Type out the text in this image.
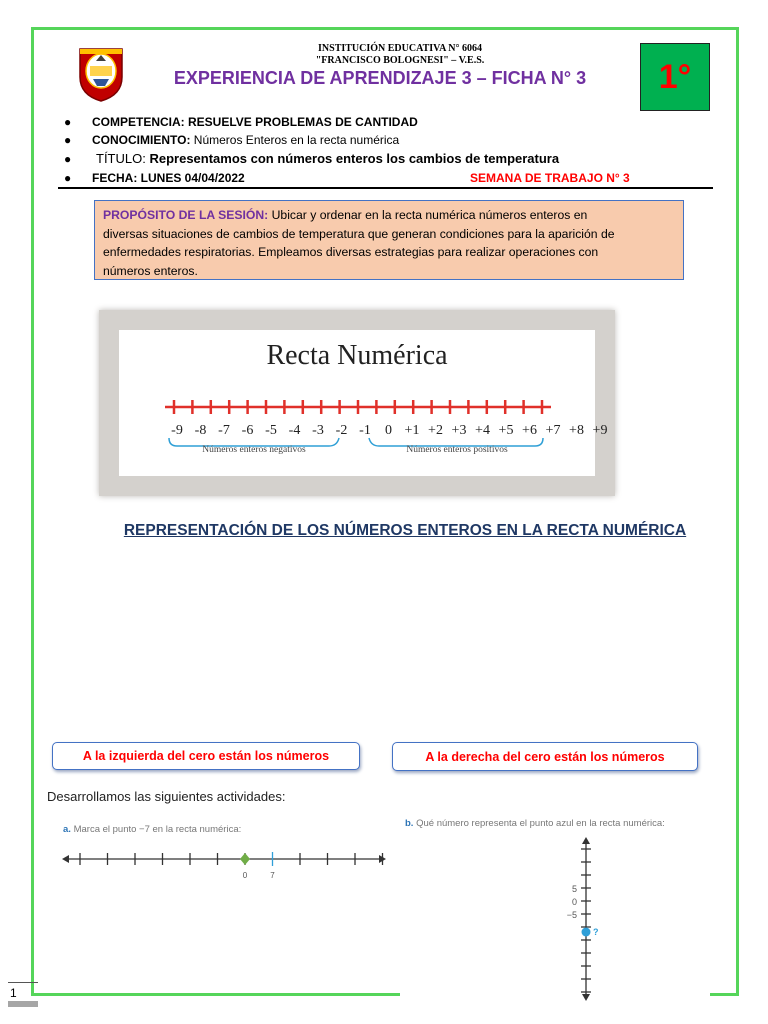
INSTITUCIÓN EDUCATIVA N° 6064
"FRANCISCO BOLOGNESI" – V.E.S.
EXPERIENCIA DE APRENDIZAJE 3 – FICHA N° 3	1°
● COMPETENCIA: RESUELVE PROBLEMAS DE CANTIDAD
● CONOCIMIENTO: Números Enteros en la recta numérica
● TÍTULO: Representamos con números enteros los cambios de temperatura
● FECHA: LUNES 04/04/2022	SEMANA DE TRABAJO N° 3
PROPÓSITO DE LA SESIÓN: Ubicar y ordenar en la recta numérica números enteros en
diversas situaciones de cambios de temperatura que generan condiciones para la aparición de
enfermedades respiratorias. Empleamos diversas estrategias para realizar operaciones con
números enteros.
Recta Numérica
-9 -8 -7 -6 -5 -4 -3 -2 -1 0 +1 +2 +3 +4 +5 +6 +7 +8 +9
Números enteros negativos	Números enteros positivos
REPRESENTACIÓN DE LOS NÚMEROS ENTEROS EN LA RECTA NUMÉRICA
A la izquierda del cero están los números	A la derecha del cero están los números
Desarrollamos las siguientes actividades:
a. Marca el punto −7 en la recta numérica:
0	7
b. Qué número representa el punto azul en la recta numérica:
5
0
−5
?
1
